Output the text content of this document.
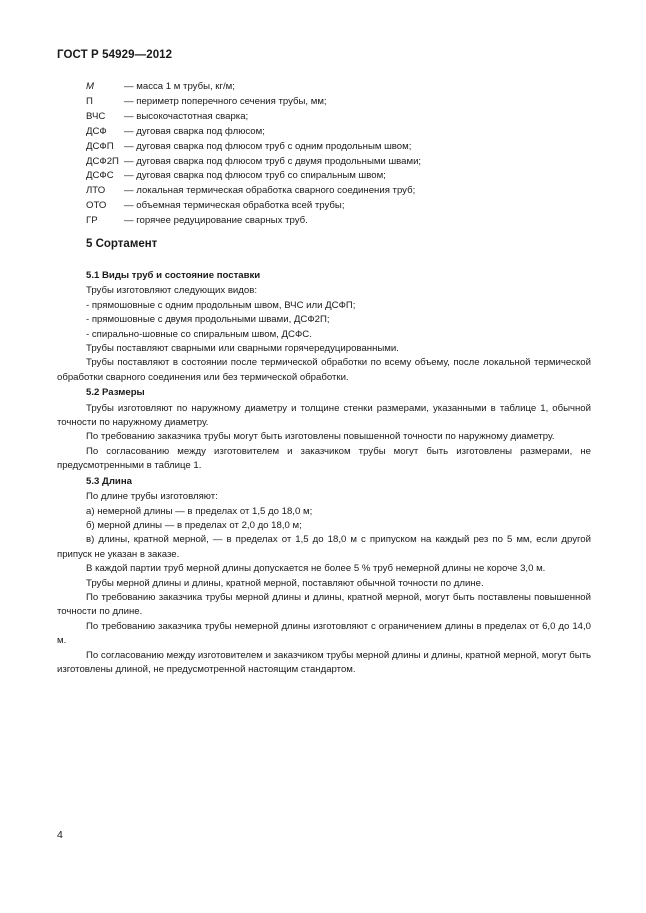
ГОСТ Р 54929—2012
M	— масса 1 м трубы, кг/м;
П	— периметр поперечного сечения трубы, мм;
ВЧС	— высокочастотная сварка;
ДСФ	— дуговая сварка под флюсом;
ДСФП	— дуговая сварка под флюсом труб с одним продольным швом;
ДСФ2П — дуговая сварка под флюсом труб с двумя продольными швами;
ДСФС	— дуговая сварка под флюсом труб со спиральным швом;
ЛТО	— локальная термическая обработка сварного соединения труб;
ОТО	— объемная термическая обработка всей трубы;
ГР	— горячее редуцирование сварных труб.
5 Сортамент

5.1 Виды труб и состояние поставки

Трубы изготовляют следующих видов:

- прямошовные с одним продольным швом, ВЧС или ДСФП;

- прямошовные с двумя продольными швами, ДСФ2П;

- спирально-шовные со спиральным швом, ДСФС.

Трубы поставляют сварными или сварными горячередуцированными.

Трубы поставляют в состоянии после термической обработки по всему объему, после локальной термической обработки сварного соединения или без термической обработки.

5.2 Размеры

Трубы изготовляют по наружному диаметру и толщине стенки размерами, указанными в таблице 1, обычной точности по наружному диаметру.

По требованию заказчика трубы могут быть изготовлены повышенной точности по наружному диаметру.

По согласованию между изготовителем и заказчиком трубы могут быть изготовлены размерами, не предусмотренными в таблице 1.

5.3 Длина

По длине трубы изготовляют:

а) немерной длины — в пределах от 1,5 до 18,0 м;

б) мерной длины — в пределах от 2,0 до 18,0 м;

в) длины, кратной мерной, — в пределах от 1,5 до 18,0 м с припуском на каждый рез по 5 мм, если другой припуск не указан в заказе.

В каждой партии труб мерной длины допускается не более 5 % труб немерной длины не короче 3,0 м.

Трубы мерной длины и длины, кратной мерной, поставляют обычной точности по длине.

По требованию заказчика трубы мерной длины и длины, кратной мерной, могут быть поставлены повышенной точности по длине.

По требованию заказчика трубы немерной длины изготовляют с ограничением длины в пределах от 6,0 до 14,0 м.

По согласованию между изготовителем и заказчиком трубы мерной длины и длины, кратной мерной, могут быть изготовлены длиной, не предусмотренной настоящим стандартом.

4
